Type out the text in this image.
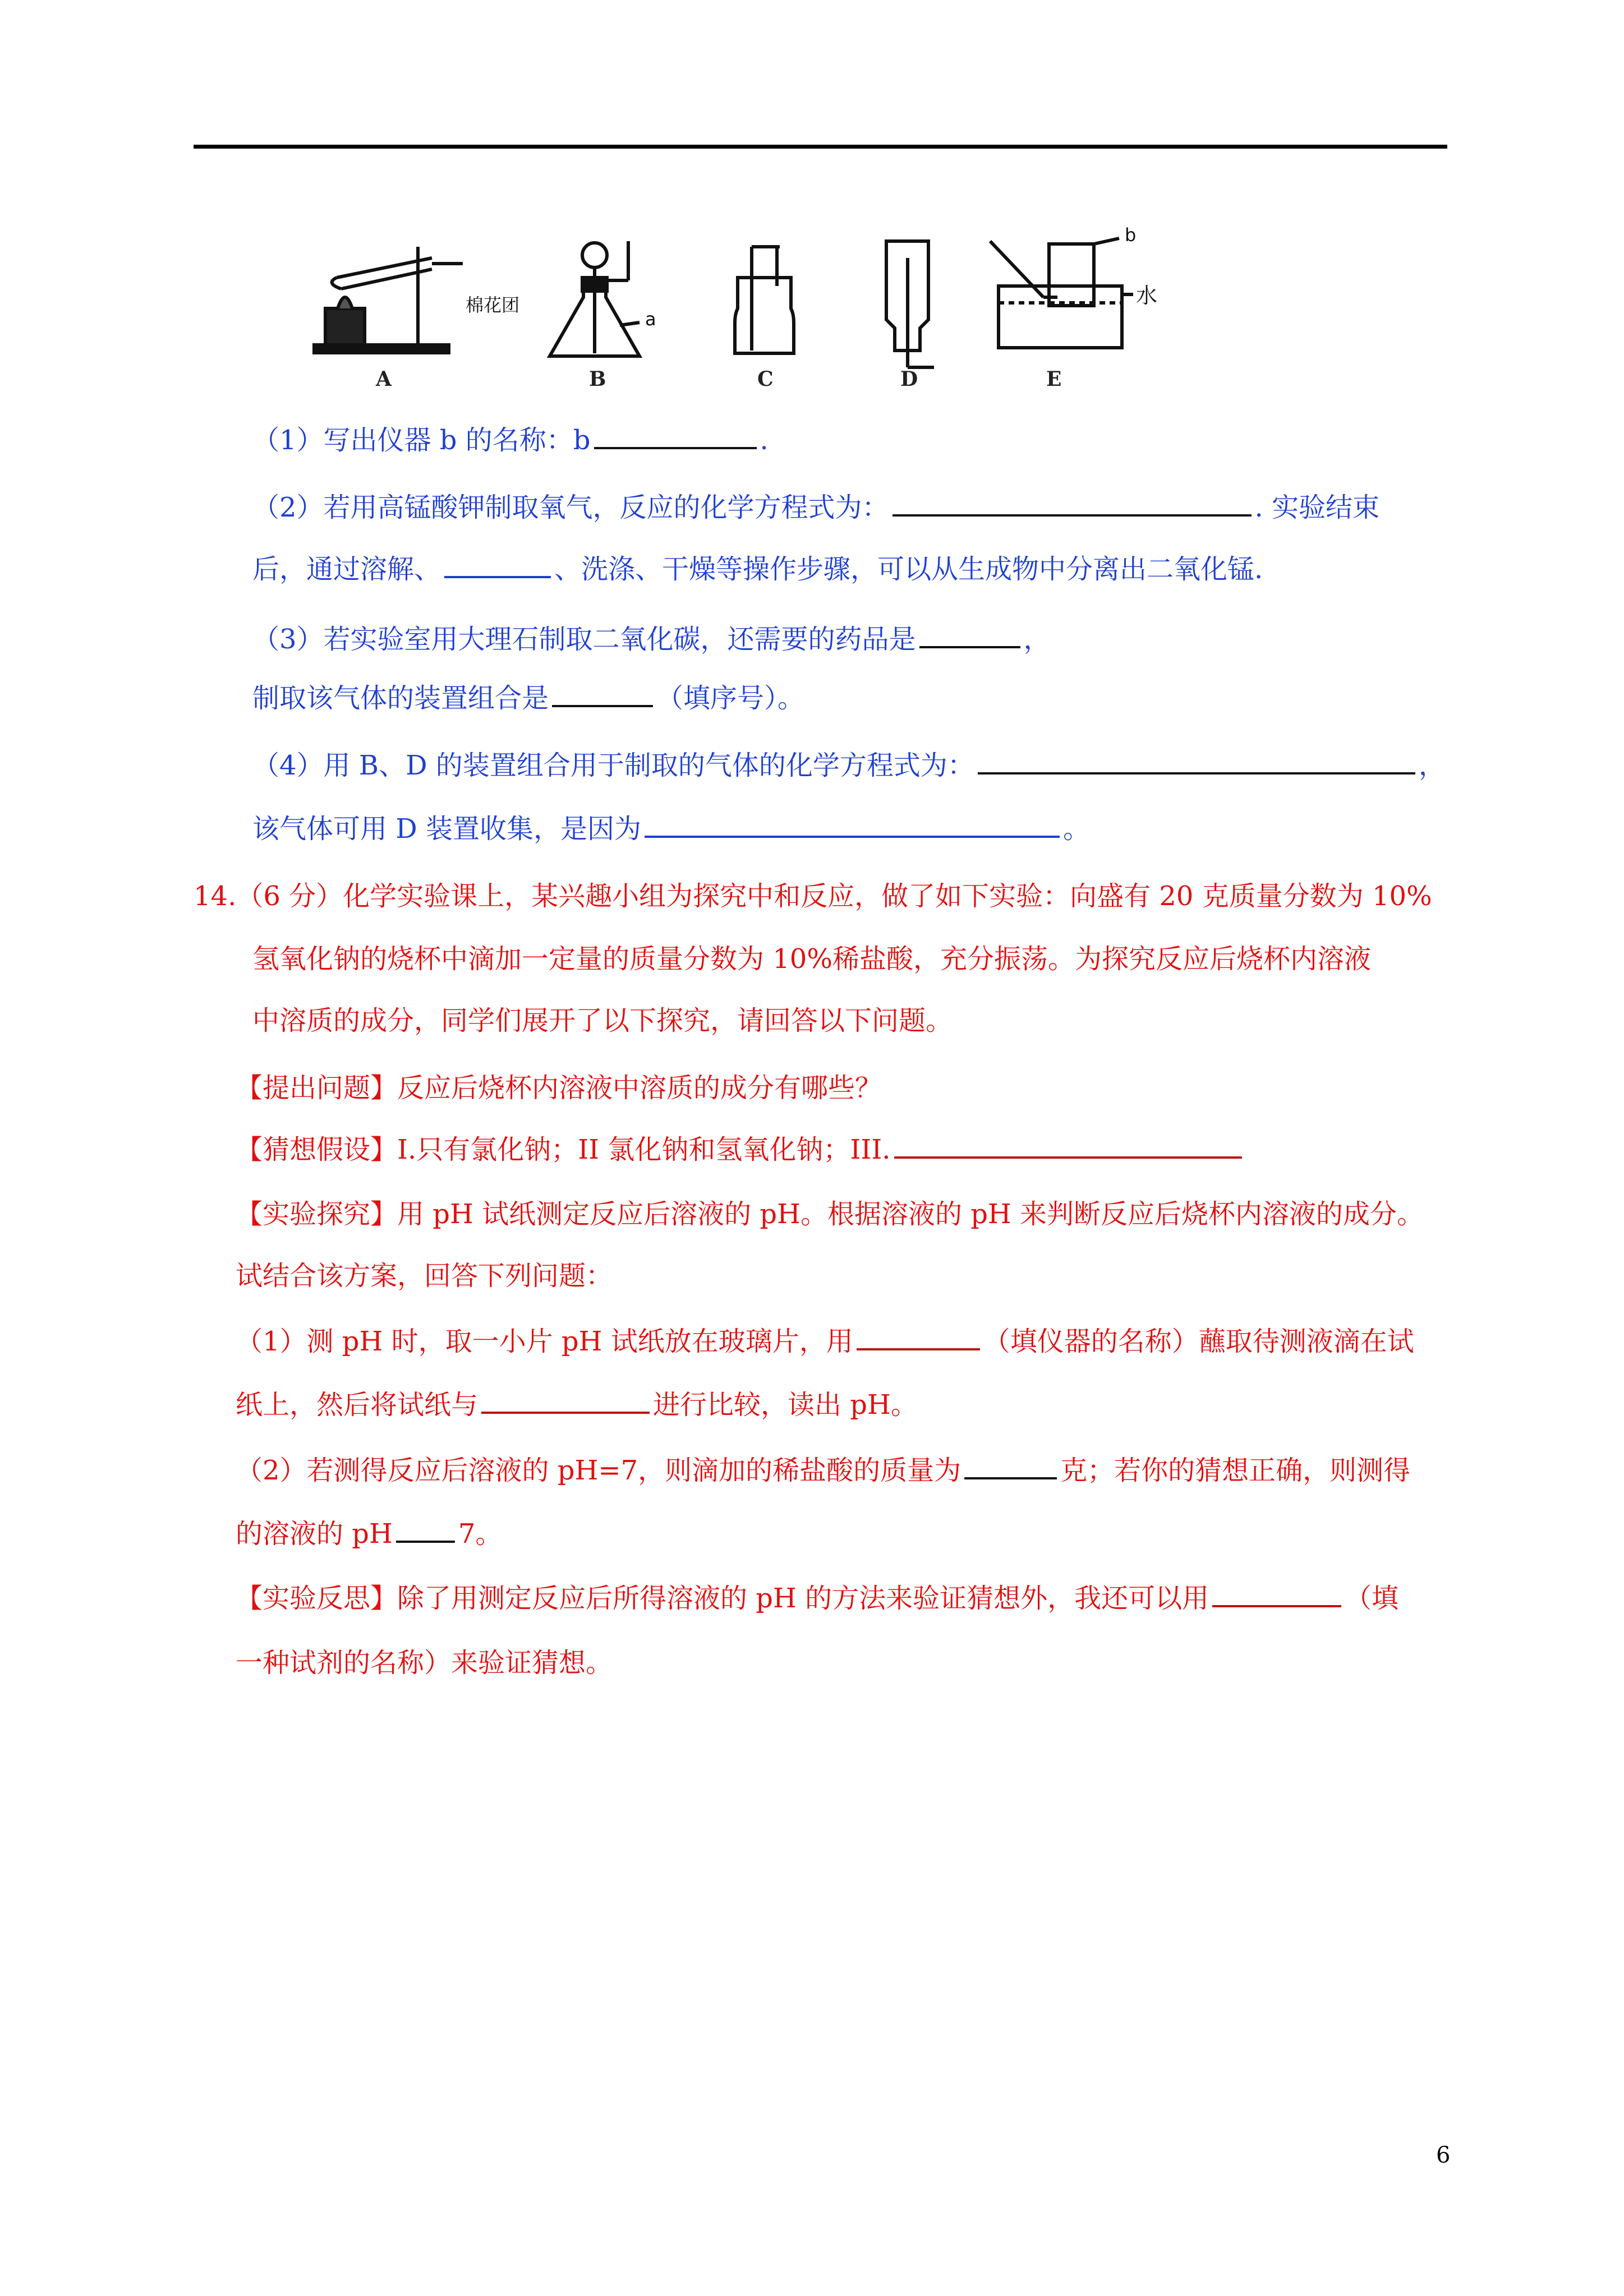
棉花团
a
b
水
A	B	C	D	E
（1）写出仪器 b 的名称：b	.
（2）若用高锰酸钾制取氧气，反应的化学方程式为：	. 实验结束
后，通过溶解、	、洗涤、干燥等操作步骤，可以从生成物中分离出二氧化锰.
（3）若实验室用大理石制取二氧化碳，还需要的药品是	，
制取该气体的装置组合是	（填序号）。
（4）用 B、D 的装置组合用于制取的气体的化学方程式为：	，
该气体可用 D 装置收集，是因为	。
14.（6 分）化学实验课上，某兴趣小组为探究中和反应，做了如下实验：向盛有 20 克质量分数为 10%
氢氧化钠的烧杯中滴加一定量的质量分数为 10%稀盐酸，充分振荡。为探究反应后烧杯内溶液
中溶质的成分，同学们展开了以下探究，请回答以下问题。
【提出问题】反应后烧杯内溶液中溶质的成分有哪些？
【猜想假设】I.只有氯化钠；II 氯化钠和氢氧化钠；III.
【实验探究】用 pH 试纸测定反应后溶液的 pH。根据溶液的 pH 来判断反应后烧杯内溶液的成分。
试结合该方案，回答下列问题：
（1）测 pH 时，取一小片 pH 试纸放在玻璃片，用	（填仪器的名称）蘸取待测液滴在试
纸上，然后将试纸与	进行比较，读出 pH。
（2）若测得反应后溶液的 pH=7，则滴加的稀盐酸的质量为	克；若你的猜想正确，则测得
的溶液的 pH 7。
【实验反思】除了用测定反应后所得溶液的 pH 的方法来验证猜想外，我还可以用	（填
一种试剂的名称）来验证猜想。
6
